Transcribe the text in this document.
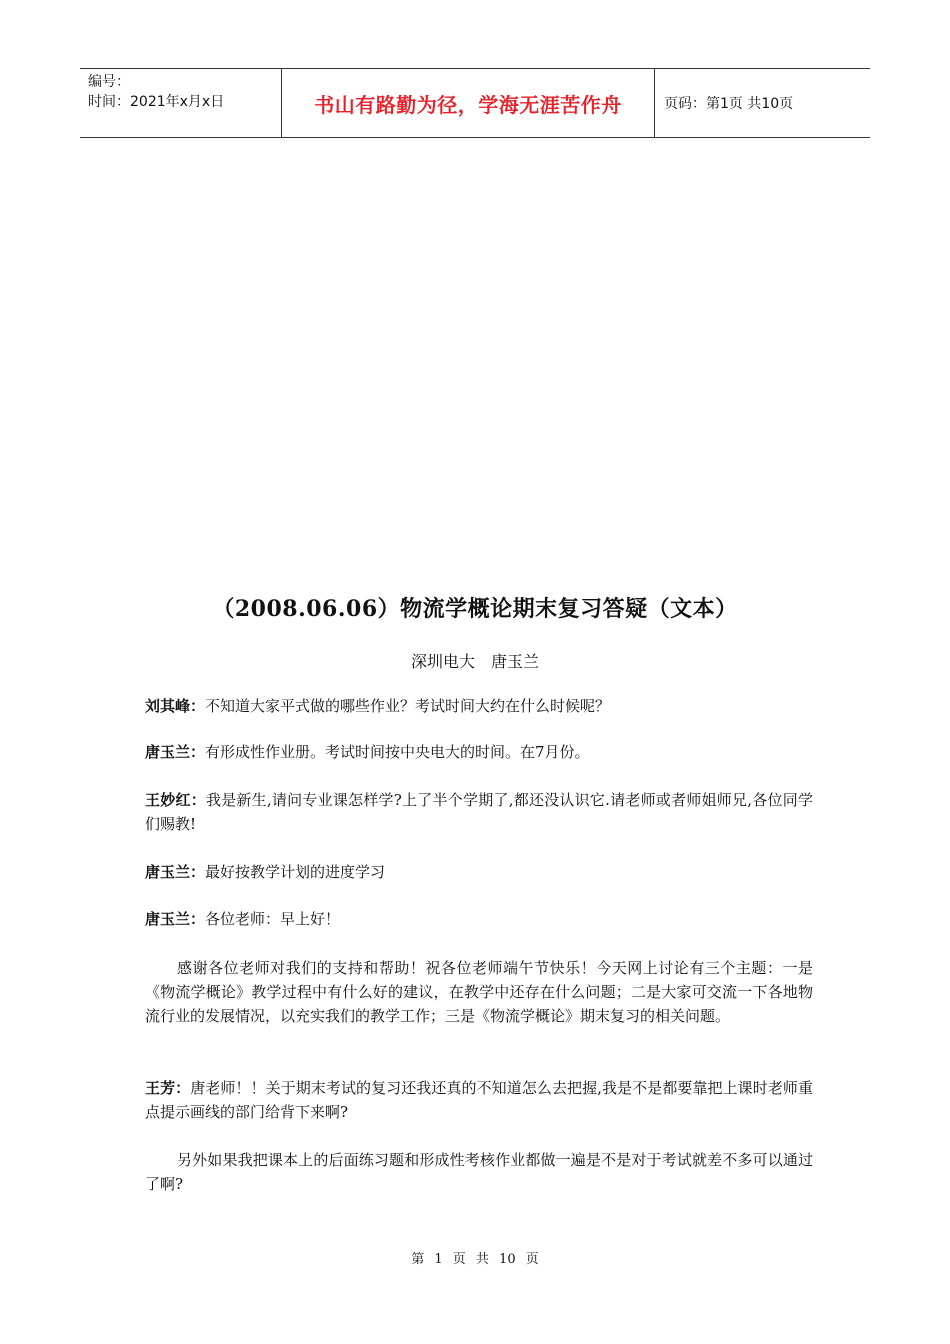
编号：
时间：2021年x月x日	书山有路勤为径，学海无涯苦作舟	页码：第1页 共10页
（2008.06.06）物流学概论期末复习答疑（文本）
深圳电大　唐玉兰
刘其峰：不知道大家平式做的哪些作业？考试时间大约在什么时候呢？
唐玉兰：有形成性作业册。考试时间按中央电大的时间。在7月份。
王妙红：我是新生,请问专业课怎样学?上了半个学期了,都还没认识它.请老师或者师姐师兄,各位同学们赐教!
唐玉兰：最好按教学计划的进度学习
唐玉兰：各位老师：早上好！
感谢各位老师对我们的支持和帮助！祝各位老师端午节快乐！今天网上讨论有三个主题：一是《物流学概论》教学过程中有什么好的建议，在教学中还存在什么问题；二是大家可交流一下各地物流行业的发展情况，以充实我们的教学工作；三是《物流学概论》期末复习的相关问题。
王芳：唐老师！！关于期末考试的复习还我还真的不知道怎么去把握,我是不是都要靠把上课时老师重点提示画线的部门给背下来啊?
另外如果我把课本上的后面练习题和形成性考核作业都做一遍是不是对于考试就差不多可以通过了啊?
第 1 页 共 10 页
